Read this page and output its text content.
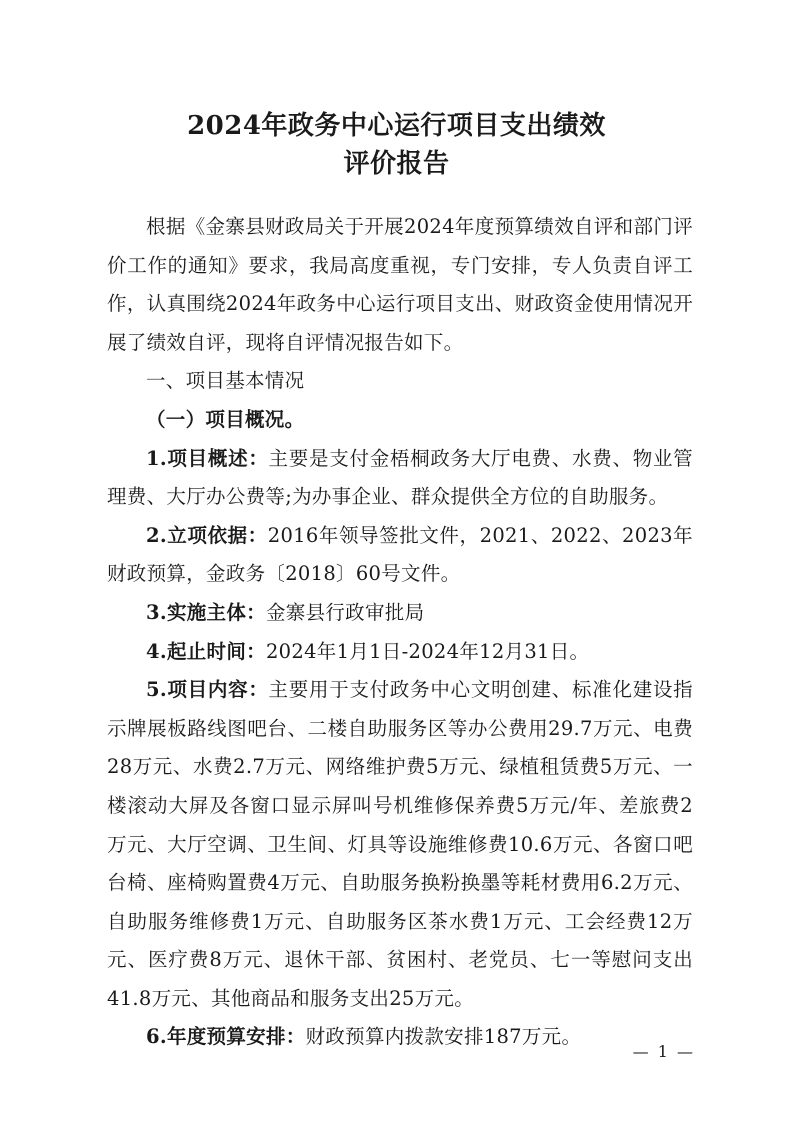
2024年政务中心运行项目支出绩效
评价报告

根据《金寨县财政局关于开展2024年度预算绩效自评和部门评价工作的通知》要求，我局高度重视，专门安排，专人负责自评工作，认真围绕2024年政务中心运行项目支出、财政资金使用情况开展了绩效自评，现将自评情况报告如下。

一、项目基本情况

（一）项目概况。

1.项目概述：主要是支付金梧桐政务大厅电费、水费、物业管理费、大厅办公费等;为办事企业、群众提供全方位的自助服务。

2.立项依据：2016年领导签批文件，2021、2022、2023年财政预算，金政务〔2018〕60号文件。

3.实施主体：金寨县行政审批局

4.起止时间：2024年1月1日-2024年12月31日。

5.项目内容：主要用于支付政务中心文明创建、标准化建设指示牌展板路线图吧台、二楼自助服务区等办公费用29.7万元、电费28万元、水费2.7万元、网络维护费5万元、绿植租赁费5万元、一楼滚动大屏及各窗口显示屏叫号机维修保养费5万元/年、差旅费2万元、大厅空调、卫生间、灯具等设施维修费10.6万元、各窗口吧台椅、座椅购置费4万元、自助服务换粉换墨等耗材费用6.2万元、自助服务维修费1万元、自助服务区茶水费1万元、工会经费12万元、医疗费8万元、退休干部、贫困村、老党员、七一等慰问支出41.8万元、其他商品和服务支出25万元。

6.年度预算安排：财政预算内拨款安排187万元。

— 1 —
